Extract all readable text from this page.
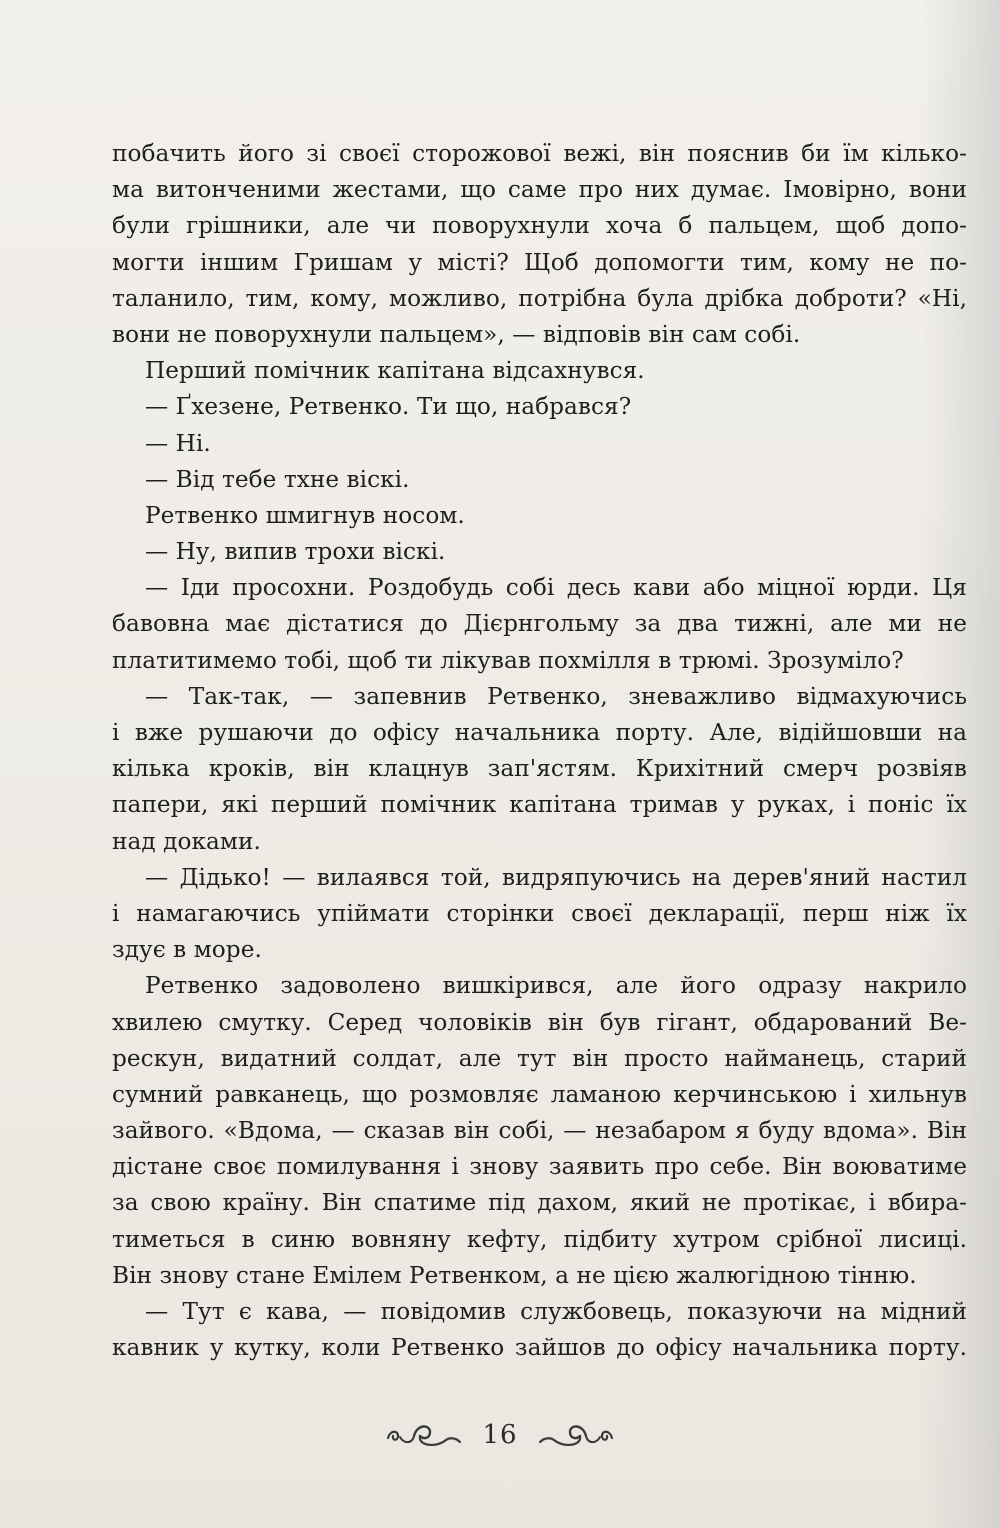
побачить його зі своєї сторожової вежі, він пояснив би їм кілько-
ма витонченими жестами, що саме про них думає. Імовірно, вони
були грішники, але чи поворухнули хоча б пальцем, щоб допо-
могти іншим Гришам у місті? Щоб допомогти тим, кому не по-
таланило, тим, кому, можливо, потрібна була дрібка доброти? «Ні,
вони не поворухнули пальцем», — відповів він сам собі.
Перший помічник капітана відсахнувся.
— Ґхезене, Ретвенко. Ти що, набрався?
— Ні.
— Від тебе тхне віскі.
Ретвенко шмигнув носом.
— Ну, випив трохи віскі.
— Іди просохни. Роздобудь собі десь кави або міцної юрди. Ця
бавовна має дістатися до Дієрнгольму за два тижні, але ми не
платитимемо тобі, щоб ти лікував похмілля в трюмі. Зрозуміло?
— Так-так, — запевнив Ретвенко, зневажливо відмахуючись
і вже рушаючи до офісу начальника порту. Але, відійшовши на
кілька кроків, він клацнув зап'ястям. Крихітний смерч розвіяв
папери, які перший помічник капітана тримав у руках, і поніс їх
над доками.
— Дідько! — вилаявся той, видряпуючись на дерев'яний настил
і намагаючись упіймати сторінки своєї декларації, перш ніж їх
здує в море.
Ретвенко задоволено вишкірився, але його одразу накрило
хвилею смутку. Серед чоловіків він був гігант, обдарований Ве-
рескун, видатний солдат, але тут він просто найманець, старий
сумний равканець, що розмовляє ламаною керчинською і хильнув
зайвого. «Вдома, — сказав він собі, — незабаром я буду вдома». Він
дістане своє помилування і знову заявить про себе. Він воюватиме
за свою країну. Він спатиме під дахом, який не протікає, і вбира-
тиметься в синю вовняну кефту, підбиту хутром срібної лисиці.
Він знову стане Емілем Ретвенком, а не цією жалюгідною тінню.
— Тут є кава, — повідомив службовець, показуючи на мідний
кавник у кутку, коли Ретвенко зайшов до офісу начальника порту.
16
